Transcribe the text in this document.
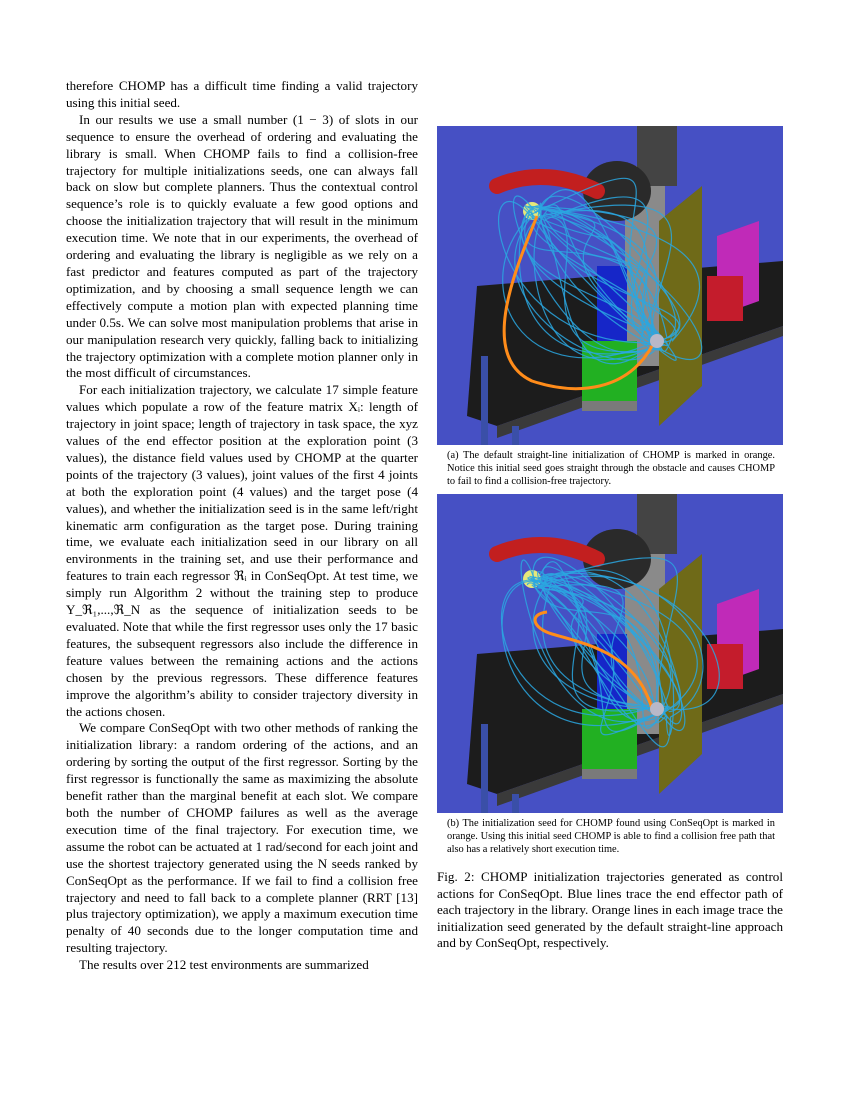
therefore CHOMP has a difficult time finding a valid trajectory using this initial seed.

In our results we use a small number (1 − 3) of slots in our sequence to ensure the overhead of ordering and evaluating the library is small. When CHOMP fails to find a collision-free trajectory for multiple initializations seeds, one can always fall back on slow but complete planners. Thus the contextual control sequence’s role is to quickly evaluate a few good options and choose the initialization trajectory that will result in the minimum execution time. We note that in our experiments, the overhead of ordering and evaluating the library is negligible as we rely on a fast predictor and features computed as part of the trajectory optimization, and by choosing a small sequence length we can effectively compute a motion plan with expected planning time under 0.5s. We can solve most manipulation problems that arise in our manipulation research very quickly, falling back to initializing the trajectory optimization with a complete motion planner only in the most difficult of circumstances.

For each initialization trajectory, we calculate 17 simple feature values which populate a row of the feature matrix Xᵢ: length of trajectory in joint space; length of trajectory in task space, the xyz values of the end effector position at the exploration point (3 values), the distance field values used by CHOMP at the quarter points of the trajectory (3 values), joint values of the first 4 joints at both the exploration point (4 values) and the target pose (4 values), and whether the initialization seed is in the same left/right kinematic arm configuration as the target pose. During training time, we evaluate each initialization seed in our library on all environments in the training set, and use their performance and features to train each regressor ℜᵢ in ConSeqOpt. At test time, we simply run Algorithm 2 without the training step to produce Y_ℜ₁,...,ℜ_N as the sequence of initialization seeds to be evaluated. Note that while the first regressor uses only the 17 basic features, the subsequent regressors also include the difference in feature values between the remaining actions and the actions chosen by the previous regressors. These difference features improve the algorithm’s ability to consider trajectory diversity in the actions chosen.

We compare ConSeqOpt with two other methods of ranking the initialization library: a random ordering of the actions, and an ordering by sorting the output of the first regressor. Sorting by the first regressor is functionally the same as maximizing the absolute benefit rather than the marginal benefit at each slot. We compare both the number of CHOMP failures as well as the average execution time of the final trajectory. For execution time, we assume the robot can be actuated at 1 rad/second for each joint and use the shortest trajectory generated using the N seeds ranked by ConSeqOpt as the performance. If we fail to find a collision free trajectory and need to fall back to a complete planner (RRT [13] plus trajectory optimization), we apply a maximum execution time penalty of 40 seconds due to the longer computation time and resulting trajectory.

The results over 212 test environments are summarized

(a) The default straight-line initialization of CHOMP is marked in orange. Notice this initial seed goes straight through the obstacle and causes CHOMP to fail to find a collision-free trajectory.
(b) The initialization seed for CHOMP found using ConSeqOpt is marked in orange. Using this initial seed CHOMP is able to find a collision free path that also has a relatively short execution time.
Fig. 2: CHOMP initialization trajectories generated as control actions for ConSeqOpt. Blue lines trace the end effector path of each trajectory in the library. Orange lines in each image trace the initialization seed generated by the default straight-line approach and by ConSeqOpt, respectively.
